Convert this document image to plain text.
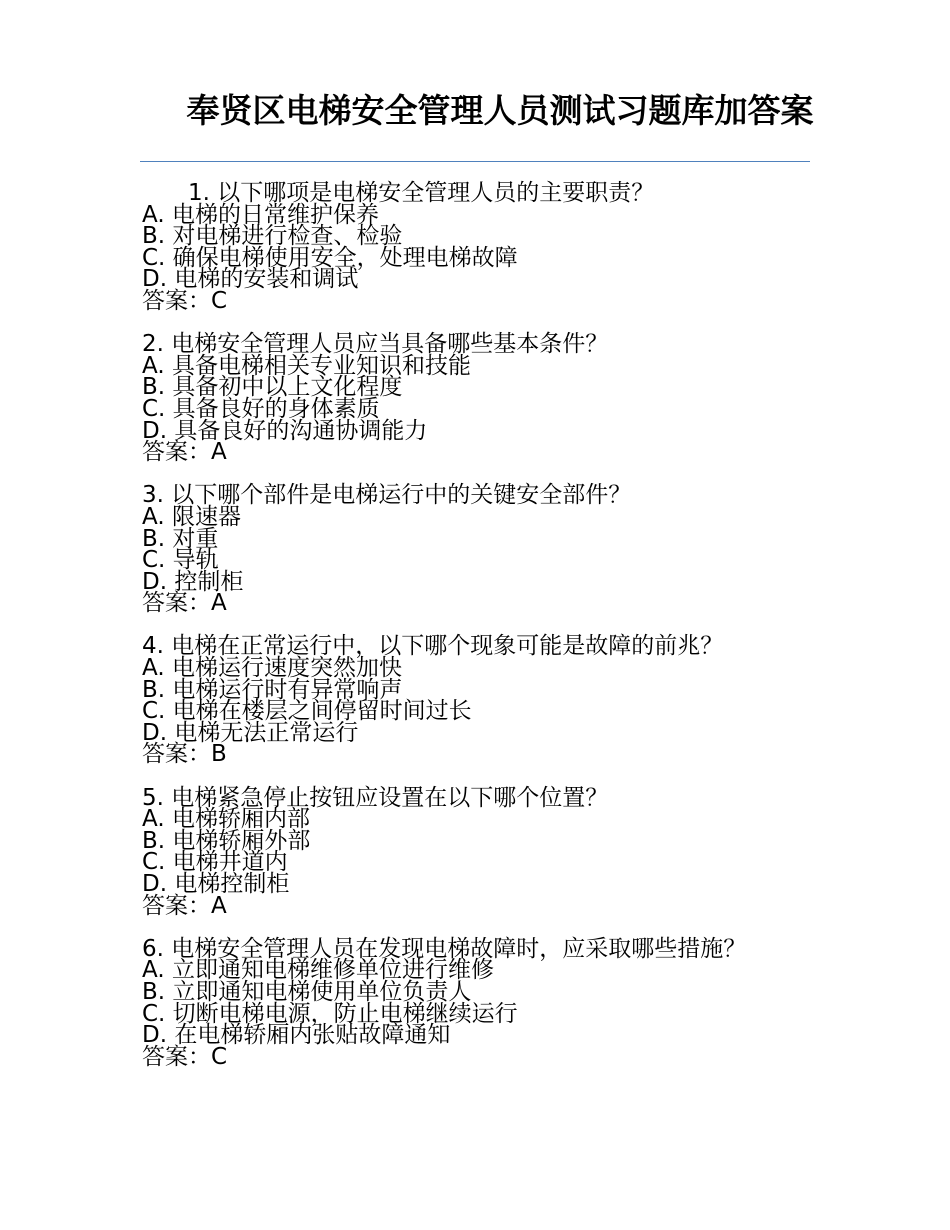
奉贤区电梯安全管理人员测试习题库加答案
1. 以下哪项是电梯安全管理人员的主要职责？
A. 电梯的日常维护保养
B. 对电梯进行检查、检验
C. 确保电梯使用安全，处理电梯故障
D. 电梯的安装和调试
答案：C
2. 电梯安全管理人员应当具备哪些基本条件？
A. 具备电梯相关专业知识和技能
B. 具备初中以上文化程度
C. 具备良好的身体素质
D. 具备良好的沟通协调能力
答案：A
3. 以下哪个部件是电梯运行中的关键安全部件？
A. 限速器
B. 对重
C. 导轨
D. 控制柜
答案：A
4. 电梯在正常运行中，以下哪个现象可能是故障的前兆？
A. 电梯运行速度突然加快
B. 电梯运行时有异常响声
C. 电梯在楼层之间停留时间过长
D. 电梯无法正常运行
答案：B
5. 电梯紧急停止按钮应设置在以下哪个位置？
A. 电梯轿厢内部
B. 电梯轿厢外部
C. 电梯井道内
D. 电梯控制柜
答案：A
6. 电梯安全管理人员在发现电梯故障时，应采取哪些措施？
A. 立即通知电梯维修单位进行维修
B. 立即通知电梯使用单位负责人
C. 切断电梯电源，防止电梯继续运行
D. 在电梯轿厢内张贴故障通知
答案：C
